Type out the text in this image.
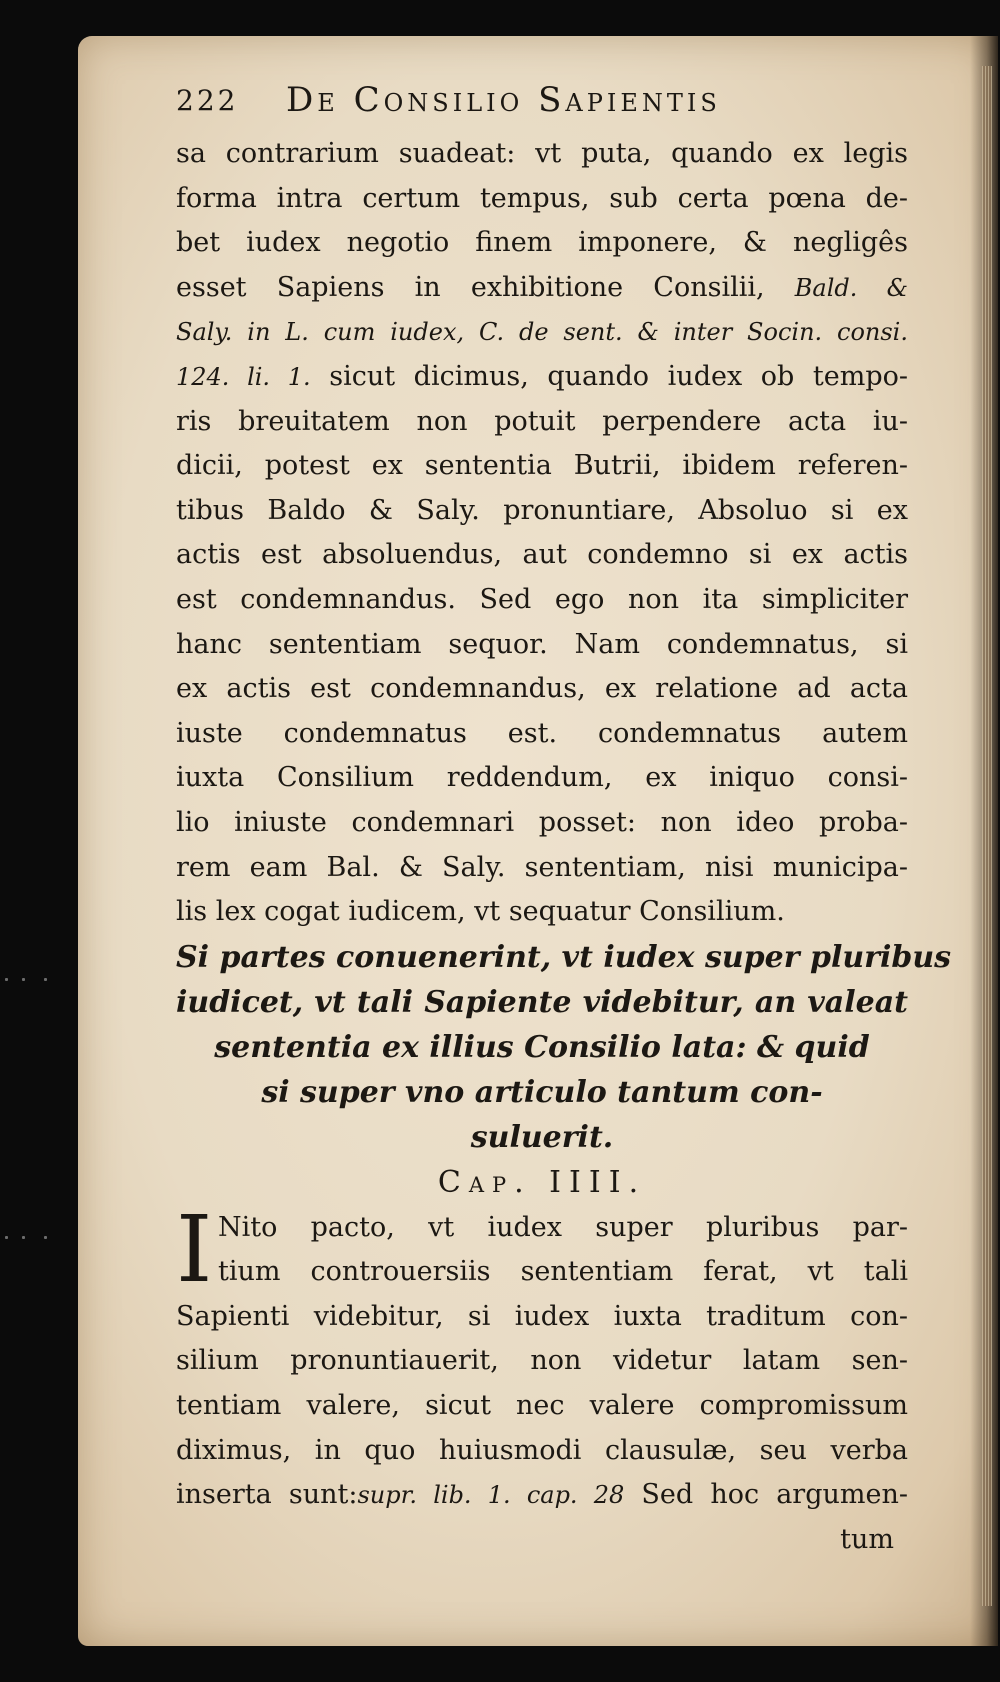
222 De Consilio Sapientis
sa contrarium suadeat: vt puta, quando ex legis
forma intra certum tempus, sub certa pœna de-
bet iudex negotio finem imponere, & negligês
esset Sapiens in exhibitione Consilii, Bald. &
Saly. in L. cum iudex, C. de sent. & inter Socin. consi.
124. li. 1. sicut dicimus, quando iudex ob tempo-
ris breuitatem non potuit perpendere acta iu-
dicii, potest ex sententia Butrii, ibidem referen-
tibus Baldo & Saly. pronuntiare, Absoluo si ex
actis est absoluendus, aut condemno si ex actis
est condemnandus. Sed ego non ita simpliciter
hanc sententiam sequor. Nam condemnatus, si
ex actis est condemnandus, ex relatione ad acta
iuste condemnatus est. condemnatus autem
iuxta Consilium reddendum, ex iniquo consi-
lio iniuste condemnari posset: non ideo proba-
rem eam Bal. & Saly. sententiam, nisi municipa-
lis lex cogat iudicem, vt sequatur Consilium.
Si partes conuenerint, vt iudex super pluribus
iudicet, vt tali Sapiente videbitur, an valeat
sententia ex illius Consilio lata: & quid
si super vno articulo tantum con-
suluerit.
Cap. IIII.
I Nito pacto, vt iudex super pluribus par-
tium controuersiis sententiam ferat, vt tali
Sapienti videbitur, si iudex iuxta traditum con-
silium pronuntiauerit, non videtur latam sen-
tentiam valere, sicut nec valere compromissum
diximus, in quo huiusmodi clausulæ, seu verba
inserta sunt:supr. lib. 1. cap. 28 Sed hoc argumen-
tum
